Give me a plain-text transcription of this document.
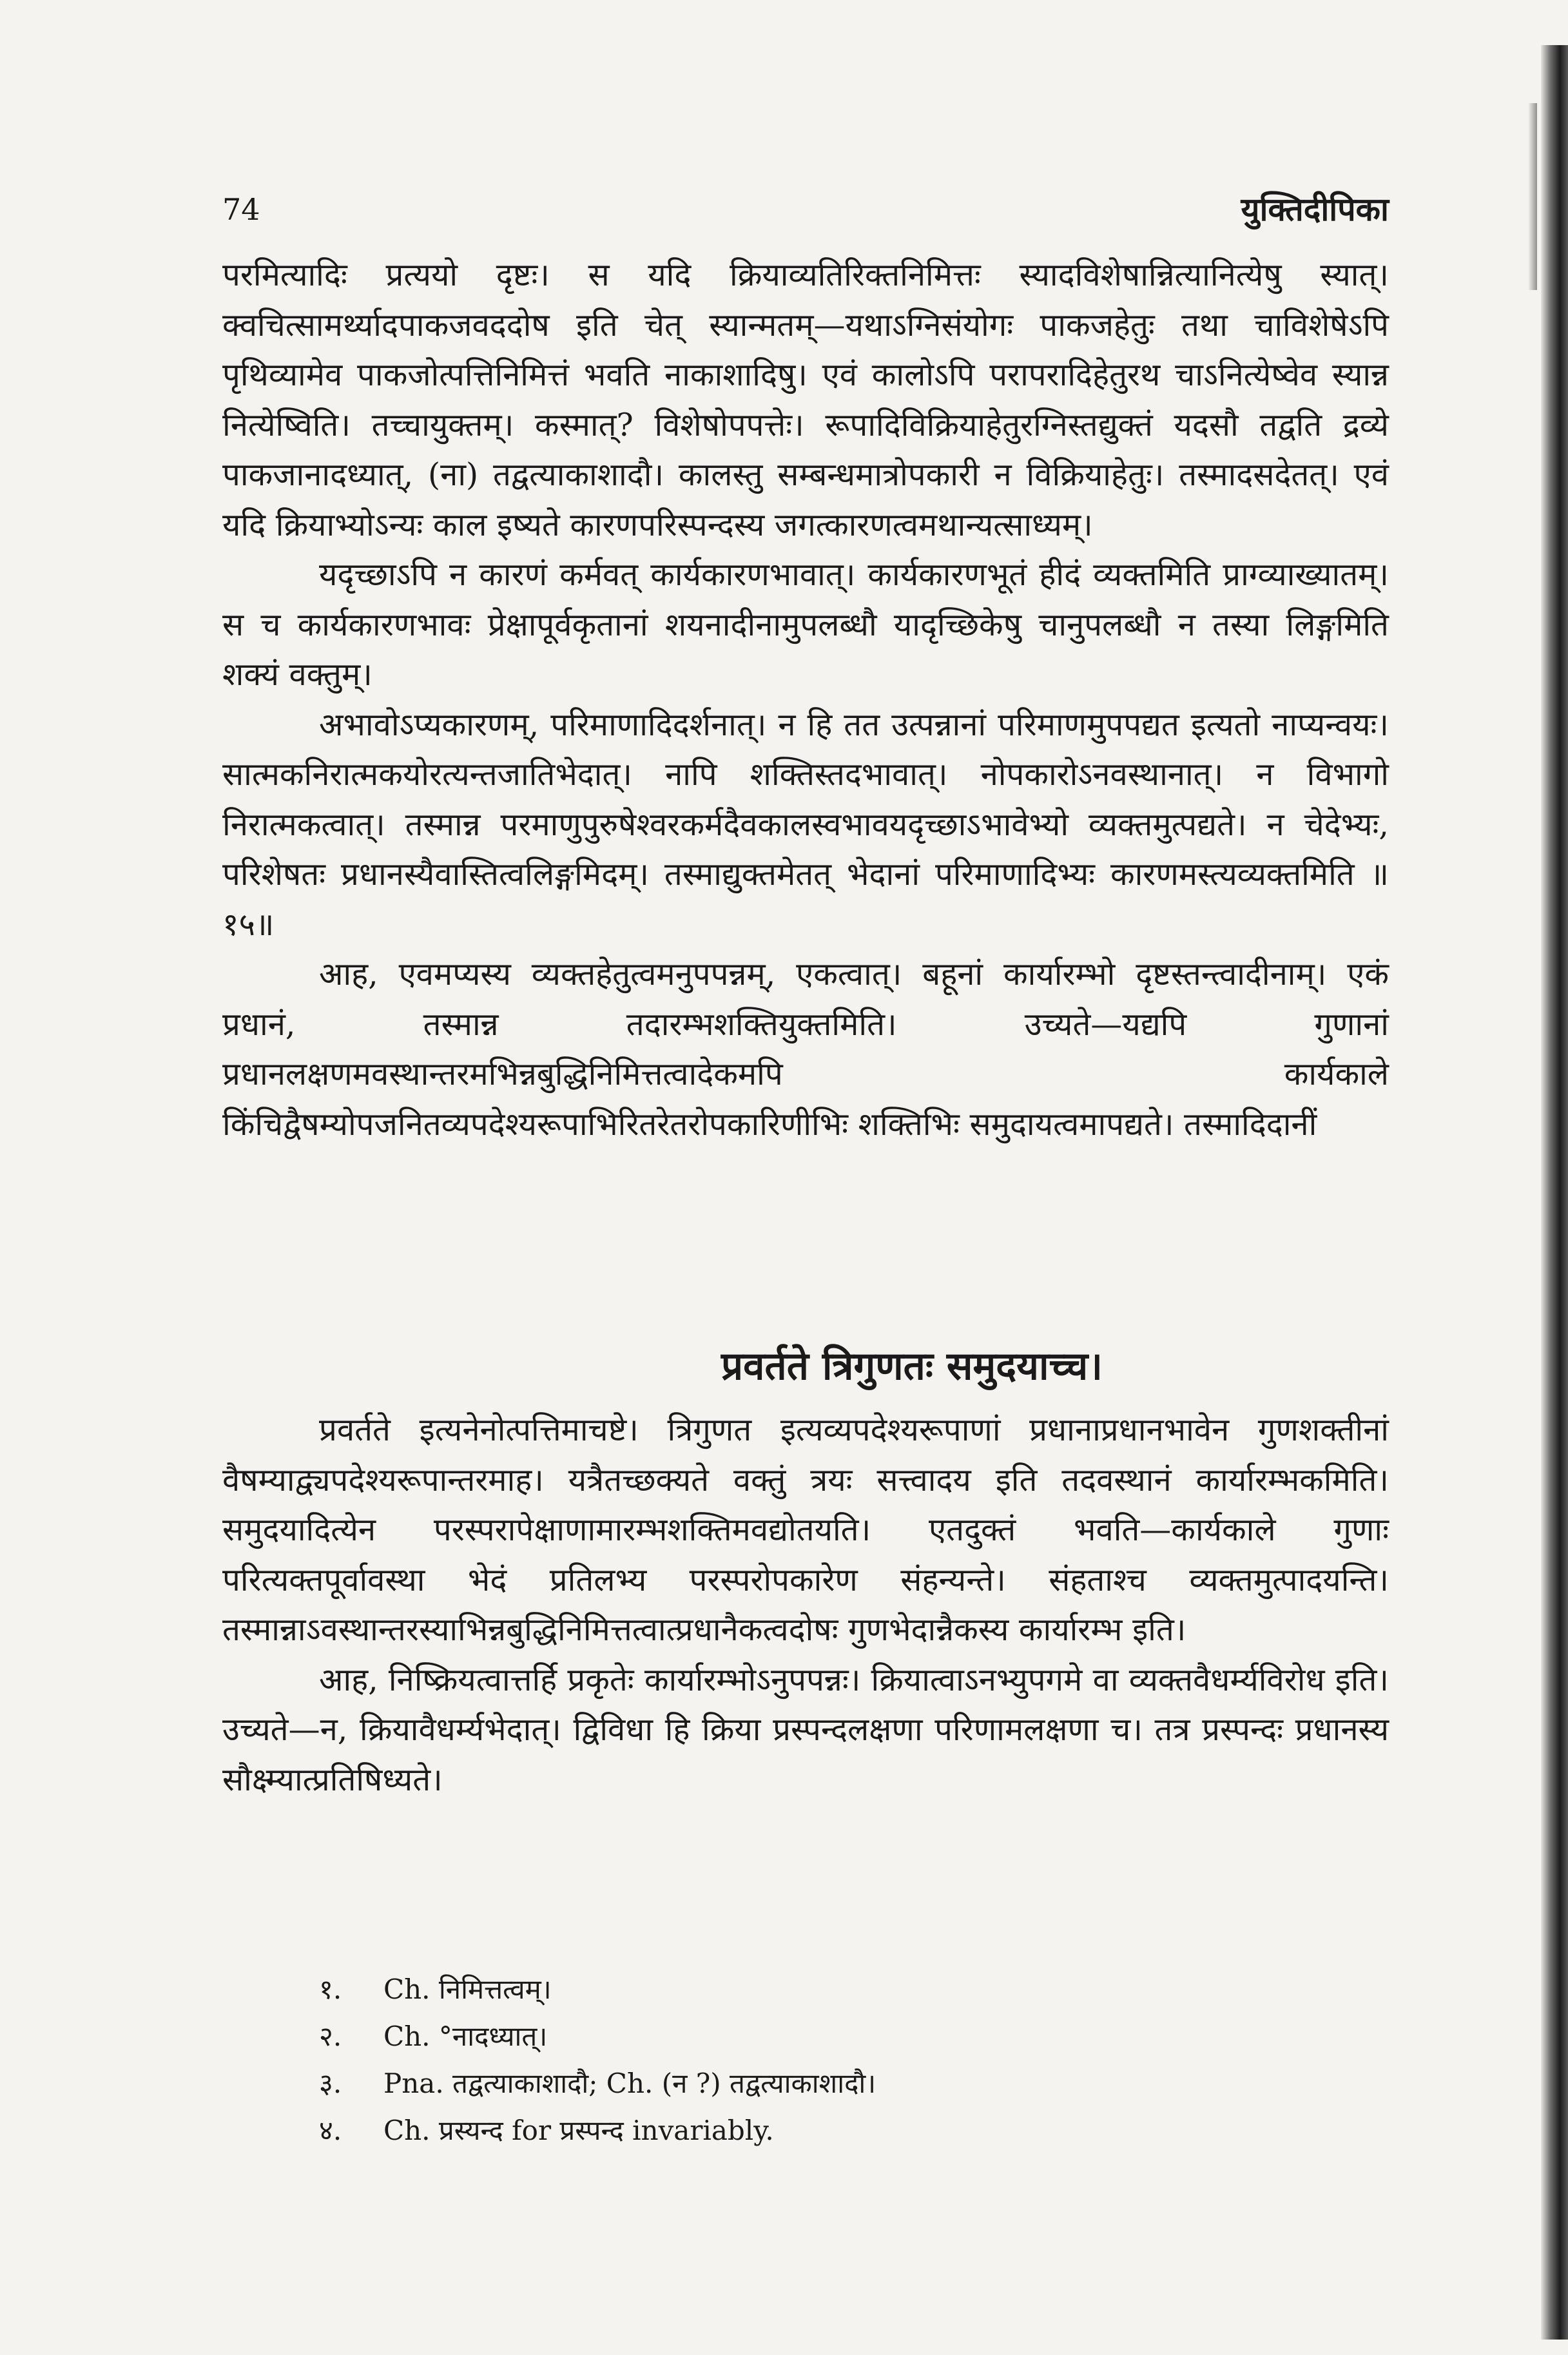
74	युक्तिदीपिका

परमित्यादिः प्रत्ययो दृष्टः। स यदि क्रियाव्यतिरिक्तनिमित्तः स्यादविशेषान्नित्यानित्येषु स्यात्। क्वचित्सामर्थ्यादपाकजवददोष इति चेत् स्यान्मतम्—यथाऽग्निसंयोगः पाकजहेतुः तथा चाविशेषेऽपि पृथिव्यामेव पाकजोत्पत्तिनिमित्तं भवति नाकाशादिषु। एवं कालोऽपि परापरादिहेतुरथ चाऽनित्येष्वेव स्यान्न नित्येष्विति। तच्चायुक्तम्। कस्मात्? विशेषोपपत्तेः। रूपादिविक्रियाहेतुरग्निस्तद्युक्तं यदसौ तद्वति द्रव्ये पाकजानादध्यात्, (ना) तद्वत्याकाशादौ। कालस्तु सम्बन्धमात्रोपकारी न विक्रियाहेतुः। तस्मादसदेतत्। एवं यदि क्रियाभ्योऽन्यः काल इष्यते कारणपरिस्पन्दस्य जगत्कारणत्वमथान्यत्साध्यम्।

यदृच्छाऽपि न कारणं कर्मवत् कार्यकारणभावात्। कार्यकारणभूतं हीदं व्यक्तमिति प्राग्व्याख्यातम्। स च कार्यकारणभावः प्रेक्षापूर्वकृतानां शयनादीनामुपलब्धौ यादृच्छिकेषु चानुपलब्धौ न तस्या लिङ्गमिति शक्यं वक्तुम्।

अभावोऽप्यकारणम्, परिमाणादिदर्शनात्। न हि तत उत्पन्नानां परिमाणमुपपद्यत इत्यतो नाप्यन्वयः। सात्मकनिरात्मकयोरत्यन्तजातिभेदात्। नापि शक्तिस्तदभावात्। नोपकारोऽनवस्थानात्। न विभागो निरात्मकत्वात्। तस्मान्न परमाणुपुरुषेश्वरकर्मदैवकालस्वभावयदृच्छाऽभावेभ्यो व्यक्तमुत्पद्यते। न चेदेभ्यः, परिशेषतः प्रधानस्यैवास्तित्वलिङ्गमिदम्। तस्माद्युक्तमेतत् भेदानां परिमाणादिभ्यः कारणमस्त्यव्यक्तमिति ॥१५॥

आह, एवमप्यस्य व्यक्तहेतुत्वमनुपपन्नम्, एकत्वात्। बहूनां कार्यारम्भो दृष्टस्तन्त्वादीनाम्। एकं प्रधानं, तस्मान्न तदारम्भशक्तियुक्तमिति। उच्यते—यद्यपि गुणानां प्रधानलक्षणमवस्थान्तरमभिन्नबुद्धिनिमित्तत्वादेकमपि कार्यकाले किंचिद्वैषम्योपजनितव्यपदेश्यरूपाभिरितरेतरोपकारिणीभिः शक्तिभिः समुदायत्वमापद्यते। तस्मादिदानीं

प्रवर्तते त्रिगुणतः समुदयाच्च।

प्रवर्तते इत्यनेनोत्पत्तिमाचष्टे। त्रिगुणत इत्यव्यपदेश्यरूपाणां प्रधानाप्रधानभावेन गुणशक्तीनां वैषम्याद्व्यपदेश्यरूपान्तरमाह। यत्रैतच्छक्यते वक्तुं त्रयः सत्त्वादय इति तदवस्थानं कार्यारम्भकमिति। समुदयादित्येन परस्परापेक्षाणामारम्भशक्तिमवद्योतयति। एतदुक्तं भवति—कार्यकाले गुणाः परित्यक्तपूर्वावस्था भेदं प्रतिलभ्य परस्परोपकारेण संहन्यन्ते। संहताश्च व्यक्तमुत्पादयन्ति। तस्मान्नाऽवस्थान्तरस्याभिन्नबुद्धिनिमित्तत्वात्प्रधानैकत्वदोषः गुणभेदान्नैकस्य कार्यारम्भ इति।

आह, निष्क्रियत्वात्तर्हि प्रकृतेः कार्यारम्भोऽनुपपन्नः। क्रियात्वाऽनभ्युपगमे वा व्यक्तवैधर्म्यविरोध इति। उच्यते—न, क्रियावैधर्म्यभेदात्। द्विविधा हि क्रिया प्रस्पन्दलक्षणा परिणामलक्षणा च। तत्र प्रस्पन्दः प्रधानस्य सौक्ष्म्यात्प्रतिषिध्यते।

१.	Ch. निमित्तत्वम्।
२.	Ch. °नादध्यात्।
३.	Pna. तद्वत्याकाशादौ; Ch. (न ?) तद्वत्याकाशादौ।
४.	Ch. प्रस्यन्द for प्रस्पन्द invariably.
